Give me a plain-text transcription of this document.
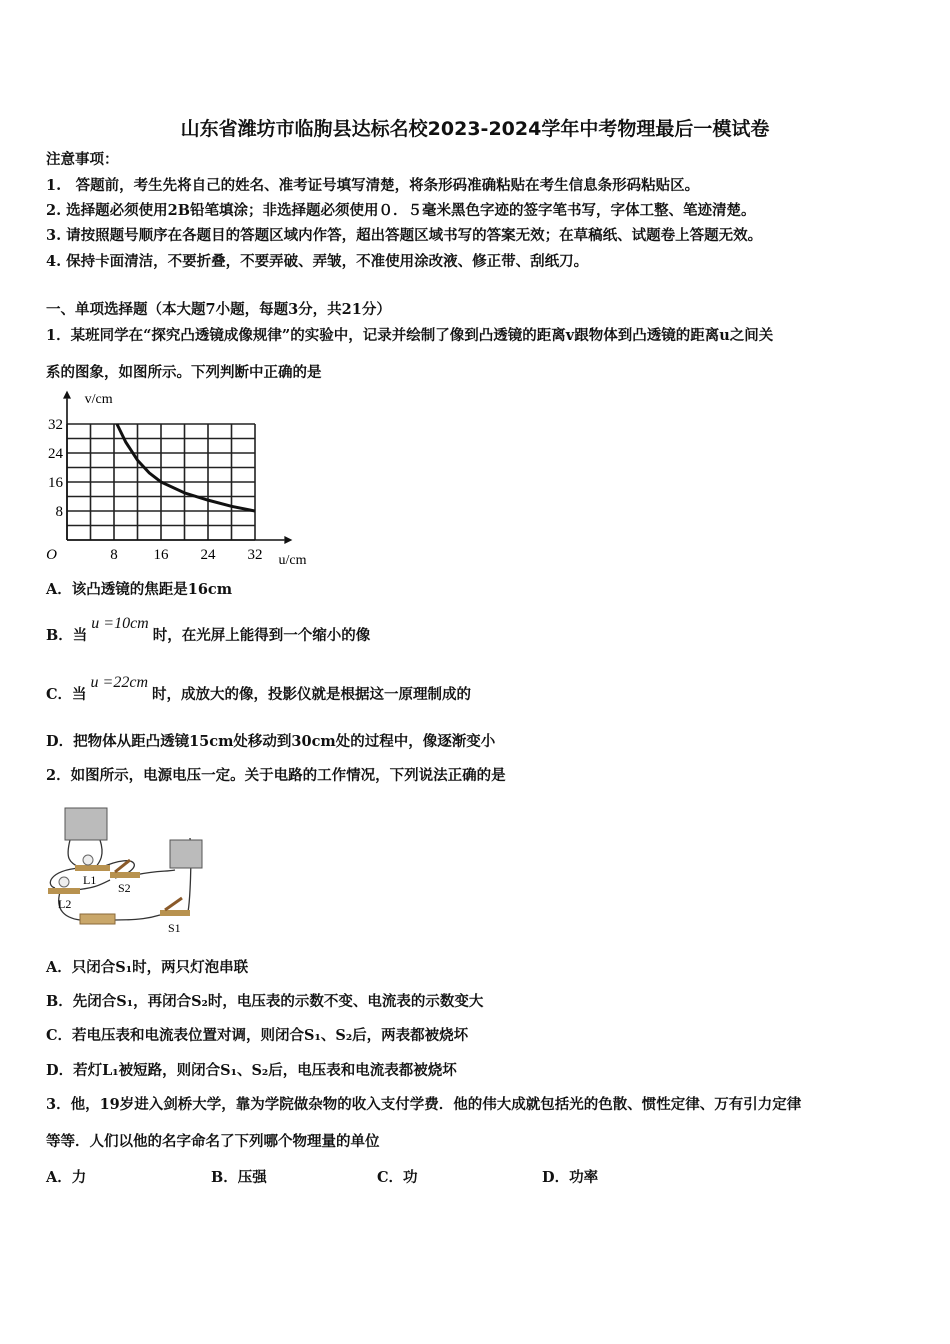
山东省潍坊市临朐县达标名校2023-2024学年中考物理最后一模试卷
注意事项：
1.　答题前，考生先将自己的姓名、准考证号填写清楚，将条形码准确粘贴在考生信息条形码粘贴区。
2. 选择题必须使用2B铅笔填涂；非选择题必须使用０．５毫米黑色字迹的签字笔书写，字体工整、笔迹清楚。
3. 请按照题号顺序在各题目的答题区域内作答，超出答题区域书写的答案无效；在草稿纸、试题卷上答题无效。
4. 保持卡面清洁，不要折叠，不要弄破、弄皱，不准使用涂改液、修正带、刮纸刀。
一、单项选择题（本大题7小题，每题3分，共21分）
1．某班同学在“探究凸透镜成像规律”的实验中，记录并绘制了像到凸透镜的距离v跟物体到凸透镜的距离u之间关
系的图象，如图所示。下列判断中正确的是
8 16 24 32
8
16
24
32
O	u/cm
v/cm
A．该凸透镜的焦距是16cm
B．当u =10cm时，在光屏上能得到一个缩小的像
C．当u =22cm时，成放大的像，投影仪就是根据这一原理制成的
D．把物体从距凸透镜15cm处移动到30cm处的过程中，像逐渐变小
2．如图所示，电源电压一定。关于电路的工作情况，下列说法正确的是
L1
L2
S2
S1
A．只闭合S₁时，两只灯泡串联
B．先闭合S₁，再闭合S₂时，电压表的示数不变、电流表的示数变大
C．若电压表和电流表位置对调，则闭合S₁、S₂后，两表都被烧坏
D．若灯L₁被短路，则闭合S₁、S₂后，电压表和电流表都被烧坏
3．他，19岁进入剑桥大学，靠为学院做杂物的收入支付学费．他的伟大成就包括光的色散、惯性定律、万有引力定律
等等．人们以他的名字命名了下列哪个物理量的单位
A．力	B．压强	C．功	D．功率
